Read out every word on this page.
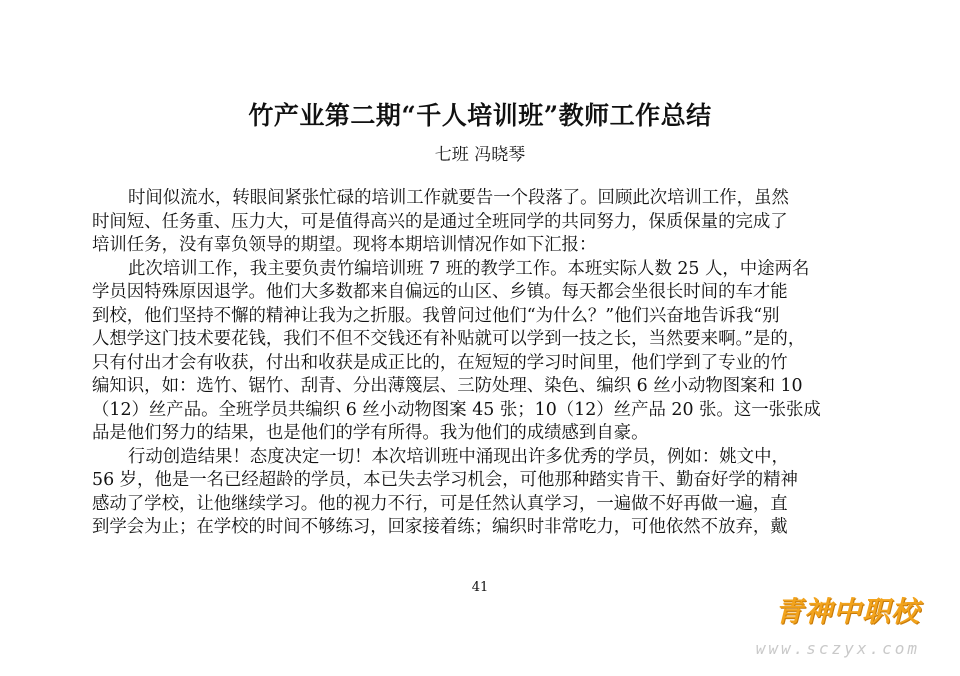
竹产业第二期“千人培训班”教师工作总结
七班 冯晓琴
时间似流水，转眼间紧张忙碌的培训工作就要告一个段落了。回顾此次培训工作，虽然
时间短、任务重、压力大，可是值得高兴的是通过全班同学的共同努力，保质保量的完成了
培训任务，没有辜负领导的期望。现将本期培训情况作如下汇报：
此次培训工作，我主要负责竹编培训班 7 班的教学工作。本班实际人数 25 人，中途两名
学员因特殊原因退学。他们大多数都来自偏远的山区、乡镇。每天都会坐很长时间的车才能
到校，他们坚持不懈的精神让我为之折服。我曾问过他们“为什么？”他们兴奋地告诉我“别
人想学这门技术要花钱，我们不但不交钱还有补贴就可以学到一技之长，当然要来啊。”是的，
只有付出才会有收获，付出和收获是成正比的，在短短的学习时间里，他们学到了专业的竹
编知识，如：选竹、锯竹、刮青、分出薄篾层、三防处理、染色、编织 6 丝小动物图案和 10
（12）丝产品。全班学员共编织 6 丝小动物图案 45 张；10（12）丝产品 20 张。这一张张成
品是他们努力的结果，也是他们的学有所得。我为他们的成绩感到自豪。
行动创造结果！态度决定一切！本次培训班中涌现出许多优秀的学员，例如：姚文中，
56 岁，他是一名已经超龄的学员，本已失去学习机会，可他那种踏实肯干、勤奋好学的精神
感动了学校，让他继续学习。他的视力不行，可是任然认真学习，一遍做不好再做一遍，直
到学会为止；在学校的时间不够练习，回家接着练；编织时非常吃力，可他依然不放弃，戴
41
青神中职校
www.sczyx.com
